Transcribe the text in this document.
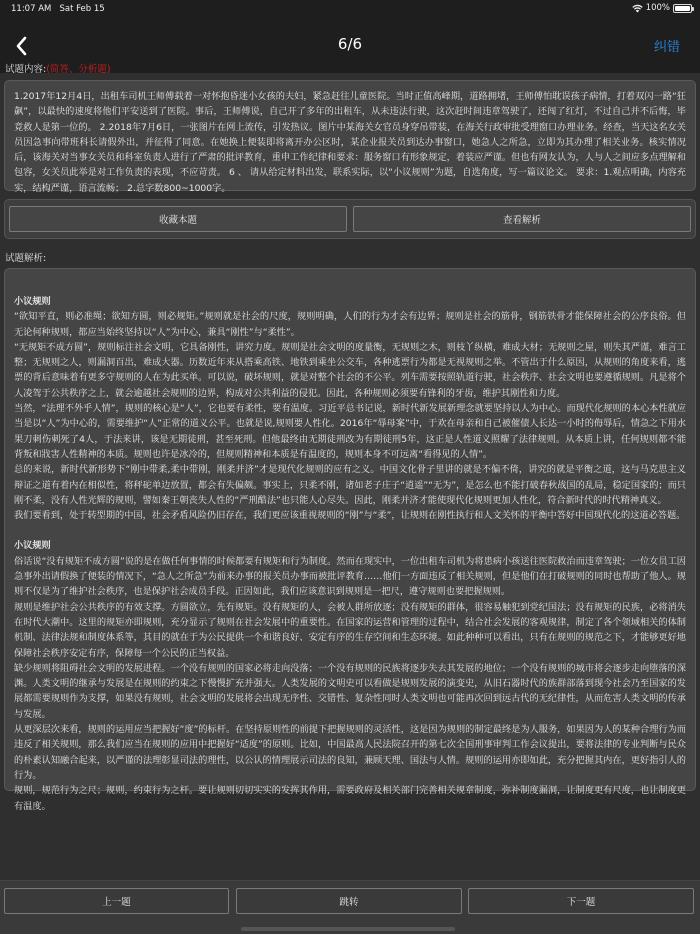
11:07 AM Sat Feb 15	100%
6/6	纠错
试题内容:(简答、分析题)
1.2017年12月4日，出租车司机王师傅载着一对怀抱昏迷小女孩的夫妇，紧急赶往儿童医院。当时正值高峰期，道路拥堵，王师傅怕耽误孩子病情，打着双闪一路“狂飙”，以最快的速度将他们平安送到了医院。事后，王师傅说，自己开了多年的出租车，从未违法行驶，这次赶时间违章驾驶了，还闯了红灯，不过自己并不后悔，毕竟救人是第一位的。 2.2018年7月6日，一张图片在网上流传，引发热议。图片中某海关女官员身穿吊带装，在海关行政审批受理窗口办理业务。经查，当天这名女关员因急事向带班科长请假外出，并征得了同意。在她换上便装即将离开办公区时，某企业报关员到达办事窗口，她急人之所急，立即为其办理了相关业务。核实情况后，该海关对当事女关员和科室负责人进行了严肃的批评教育，重申工作纪律和要求：服务窗口有形象规定，着装应严谨。但也有网友认为，人与人之间应多点理解和包容，女关员此举是对工作负责的表现，不应苛责。 6 、 请从给定材料出发，联系实际，以“小议规则”为题，自选角度，写一篇议论文。 要求：1.观点明确，内容充实，结构严谨，语言流畅； 2.总字数800~1000字。
收藏本题	查看解析
试题解析:
小议规则
“欲知平直，则必准绳；欲知方圆，则必规矩。”规则就是社会的尺度，规则明确，人们的行为才会有边界；规则是社会的筋骨，钢筋铁骨才能保障社会的公序良俗。但无论何种规则，都应当始终坚持以“人”为中心，兼具“刚性”与“柔性”。
“无规矩不成方圆”，规则标注社会文明，它具备刚性，讲究力度。规则是社会文明的度量衡，无规则之木，则枝丫纵横，难成大材；无规则之屋，则失其严谨，难言工整；无规则之人，则漏洞百出，难成大器。历数近年来从搭乘高铁、地铁到乘坐公交车，各种逃票行为都是无视规则之举。不管出于什么原因，从规则的角度来看，逃票的背后意味着有更多守规则的人在为此买单。可以说，破坏规则，就是对整个社会的不公平。列车需要按照轨道行驶，社会秩序、社会文明也要遵循规则。凡是将个人凌驾于公共秩序之上，就会逾越社会规则的边界，构成对公共利益的侵犯。因此，各种规则必须要有锋利的牙齿，维护其刚性和力度。
当然，“法理不外乎人情”，规则的核心是“人”，它也要有柔性，要有温度。习近平总书记说，新时代新发展新理念就要坚持以人为中心。而现代化规则的本心本性就应当是以“人”为中心的，需要维护“人”正常的道义公平。也就是说,规则要人性化。2016年“辱母案”中，于欢在母亲和自己被催债人长达一小时的侮辱后，情急之下用水果刀刺伤刺死了4人，于法来讲，该是无期徒刑，甚至死刑。但他最终由无期徒刑改为有期徒刑5年，这正是人性道义照耀了法律规则。从本质上讲，任何规则都不能背叛和戕害人性精神的本质。规则也许是冰冷的，但规则精神和本质是有温度的，规则本身不可远离“看得见的人情”。
总的来说，新时代新形势下“刚中带柔,柔中带刚，刚柔并济”才是现代化规则的应有之义。中国文化骨子里讲的就是不偏不倚，讲究的就是平衡之道，这与马克思主义辩证之道有着内在相似性，将秤砣单边放置，都会有失偏颇。事实上，只柔不刚，诸如老子庄子“逍遥”“无为”，是怎么也不能打破春秋战国的乱局，稳定国家的；而只刚不柔，没有人性光辉的规则，譬如秦王朝丧失人性的“严刑酷法”也只能人心尽失。因此，刚柔并济才能使现代化规则更加人性化，符合新时代的时代精神真义。
我们要看到，处于转型期的中国，社会矛盾风险仍旧存在，我们更应该重视规则的“刚”与“柔”，让规则在刚性执行和人文关怀的平衡中答好中国现代化的这道必答题。
小议规则
俗话说“没有规矩不成方圆”说的是在做任何事情的时候都要有规矩和行为制度。然而在现实中，一位出租车司机为将患病小孩送往医院救治而违章驾驶；一位女员工因急事外出请假换了便装的情况下，“急人之所急”为前来办事的报关员办事而被批评教育……他们一方面违反了相关规则，但是他们在打破规则的同时也帮助了他人。规则不仅是为了维护社会秩序，也是保护社会成员手段。正因如此，我们应该意识到规则是一把尺，遵守规则也要把握规则。
规则是维护社会公共秩序的有效支撑。方圆欲立，先有规矩。没有规矩的人，会被人群所放逐；没有规矩的群体，很容易触犯到党纪国法；没有规矩的民族，必将消失在时代大潮中。这里的规矩亦即规则，充分显示了规则在社会发展中的重要性。在国家的运营和管理的过程中，结合社会发展的客观规律，制定了各个领域相关的体制机制、法律法规和制度体系等，其目的就在于为公民提供一个和谐良好、安定有序的生存空间和生态环境。如此种种可以看出，只有在规则的规范之下，才能够更好地保障社会秩序安定有序，保障每一个公民的正当权益。
缺少规则将阻碍社会文明的发展进程。一个没有规则的国家必将走向没落；一个没有规则的民族将逐步失去其发展的地位；一个没有规则的城市将会逐步走向堕落的深渊。人类文明的继承与发展是在规则的约束之下慢慢扩充并强大。人类发展的文明史可以看做是规则发展的演变史，从旧石器时代的族群部落到现今社会乃至国家的发展都需要规则作为支撑，如果没有规则，社会文明的发展将会出现无序性、交错性、复杂性同时人类文明也可能再次回到远古代的无纪律性，从而危害人类文明的传承与发展。
从更深层次来看，规则的运用应当把握好“度”的标杆。在坚持原则性的前提下把握规则的灵活性，这是因为规则的制定最终是为人服务，如果因为人的某种合理行为而违反了相关规则，那么我们应当在规则的应用中把握好“适度”的原则。比如，中国最高人民法院召开的第七次全国刑事审判工作会议提出，要将法律的专业判断与民众的朴素认知融合起来，以严谨的法理彰显司法的理性，以公认的情理展示司法的良知，兼顾天理、国法与人情。规则的运用亦即如此，充分把握其内在，更好指引人的行为。
规则，规范行为之尺；规则，约束行为之杆。要让规则切切实实的发挥其作用，需要政府及相关部门完善相关规章制度，弥补制度漏洞，让制度更有尺度，也让制度更有温度。
上一题	跳转	下一题
